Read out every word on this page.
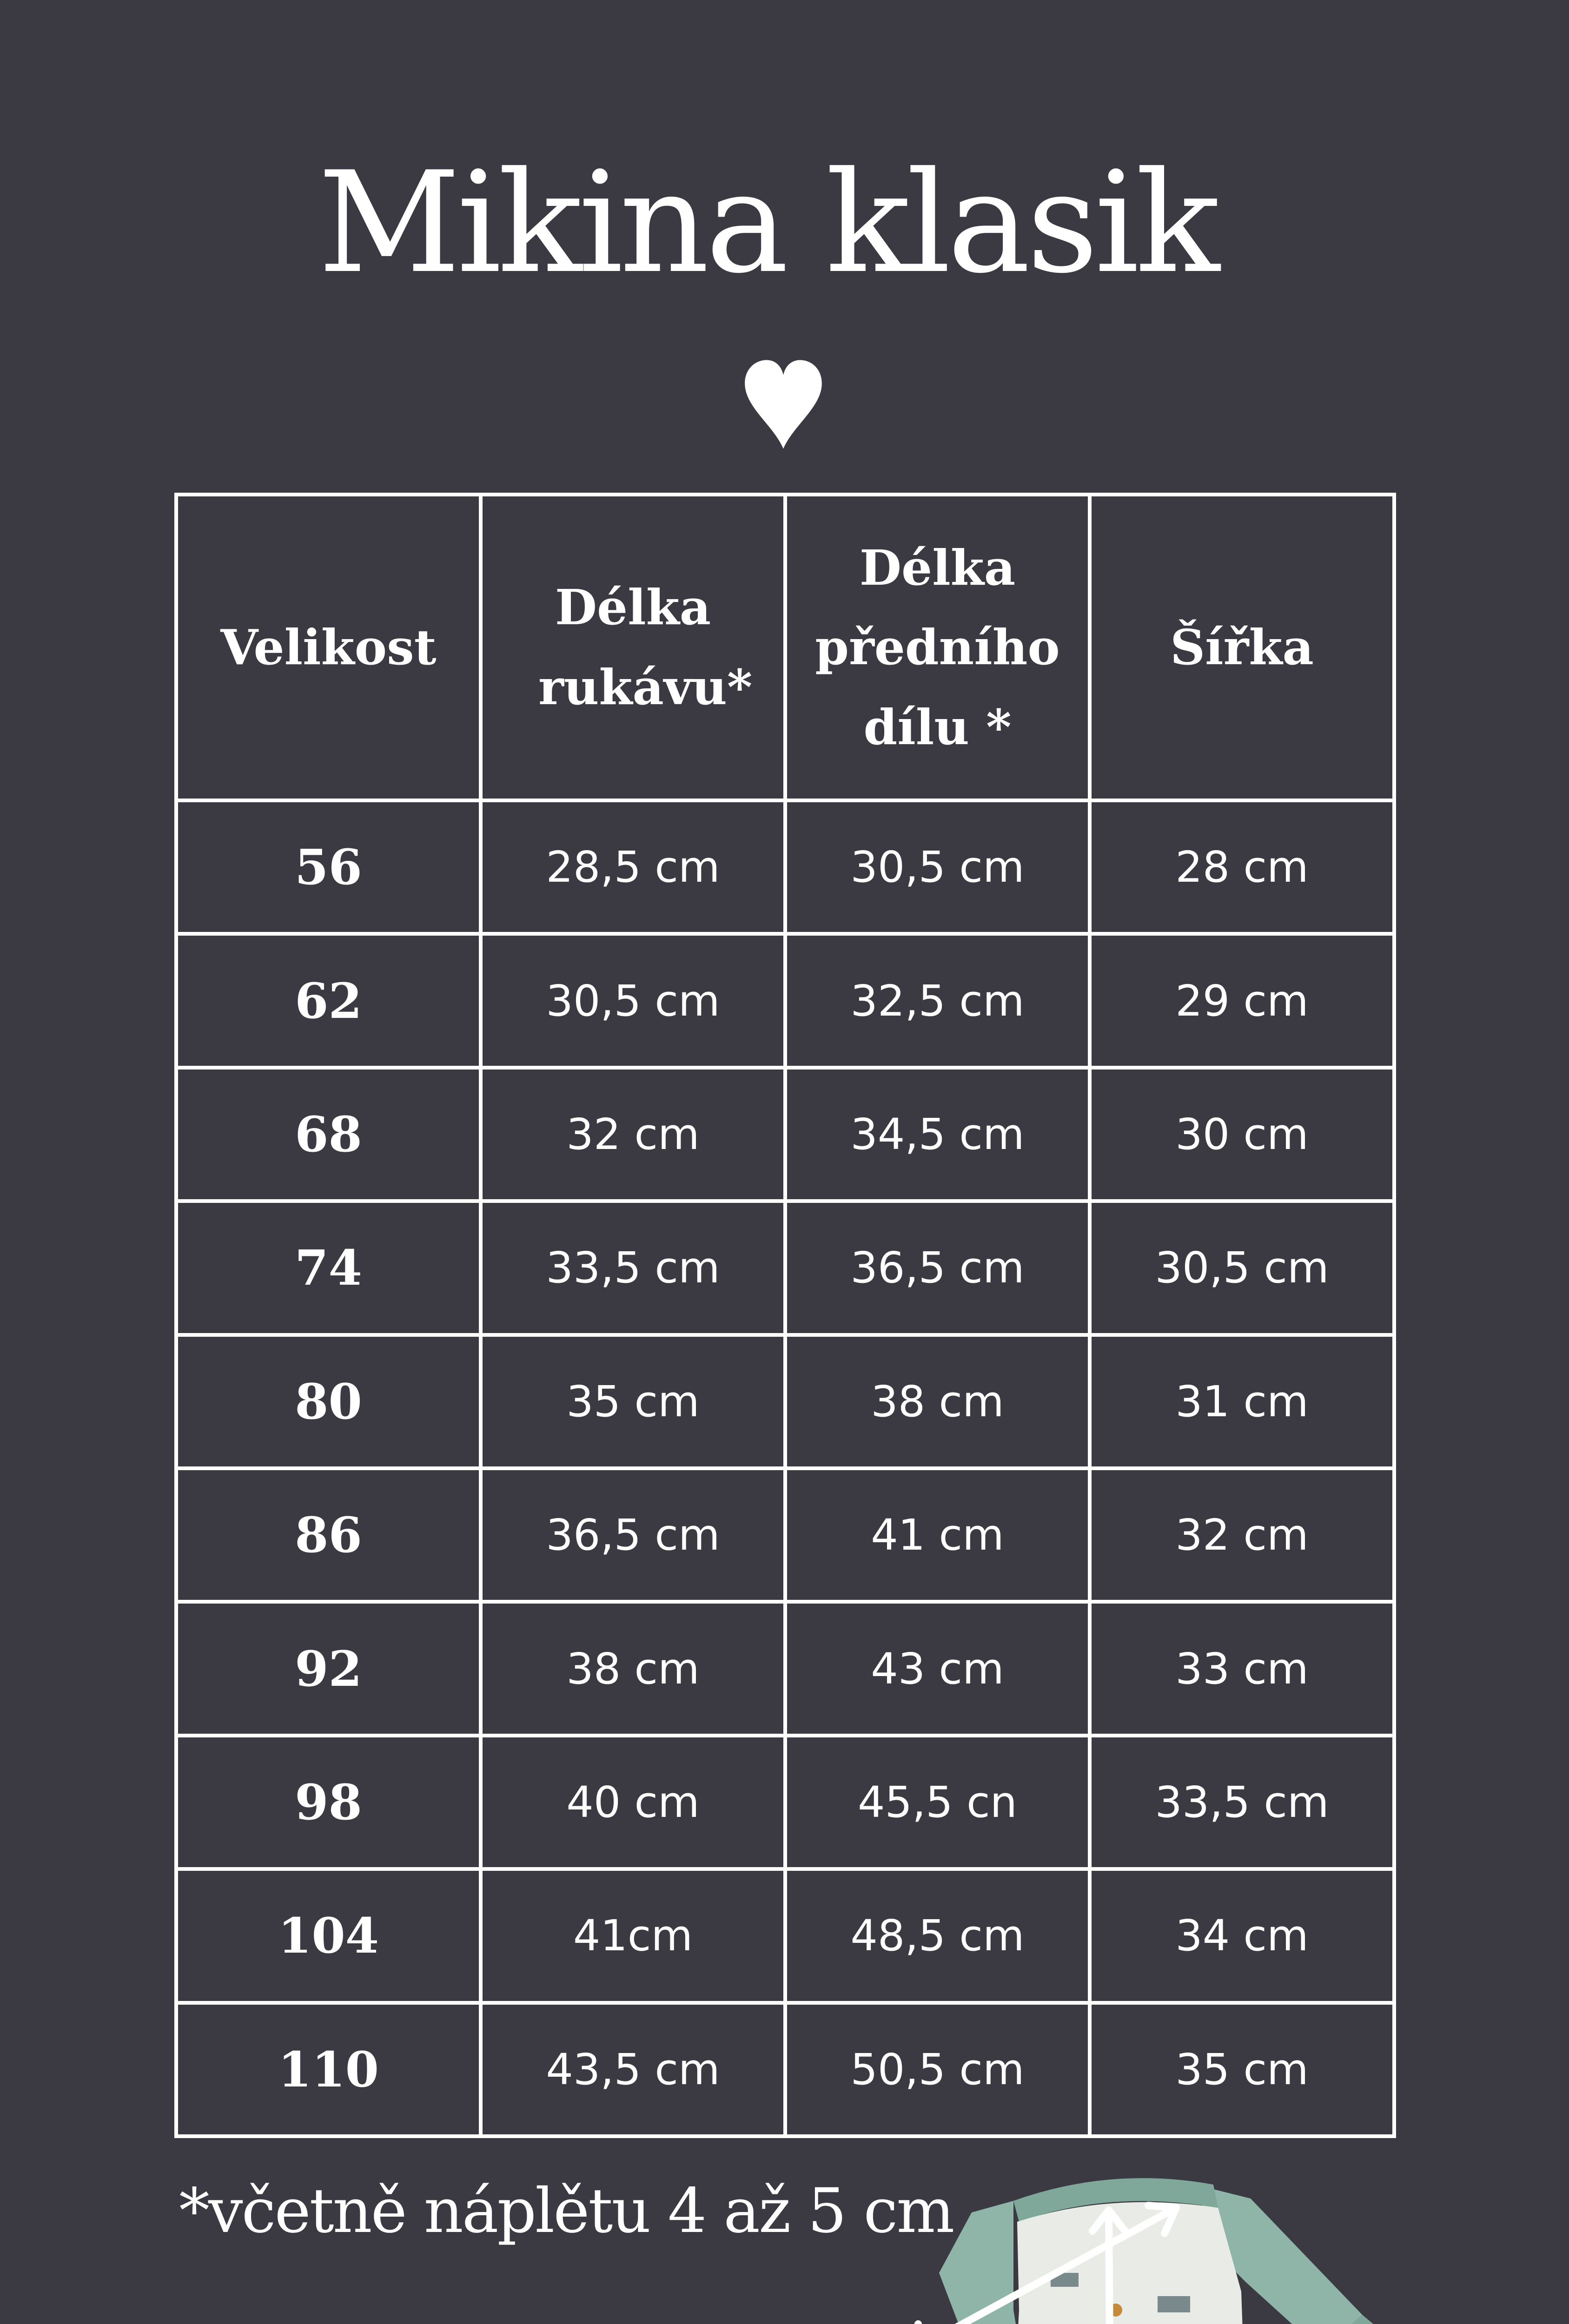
Mikina klasik
Velikost	Délka rukávu*	Délka předního dílu *	Šířka
56	28,5 cm	30,5 cm	28 cm
62	30,5 cm	32,5 cm	29 cm
68	32 cm	34,5 cm	30 cm
74	33,5 cm	36,5 cm	30,5 cm
80	35 cm	38 cm	31 cm
86	36,5 cm	41 cm	32 cm
92	38 cm	43 cm	33 cm
98	40 cm	45,5 cn	33,5 cm
104	41cm	48,5 cm	34 cm
110	43,5 cm	50,5 cm	35 cm
*včetně náplětu 4 až 5 cm
